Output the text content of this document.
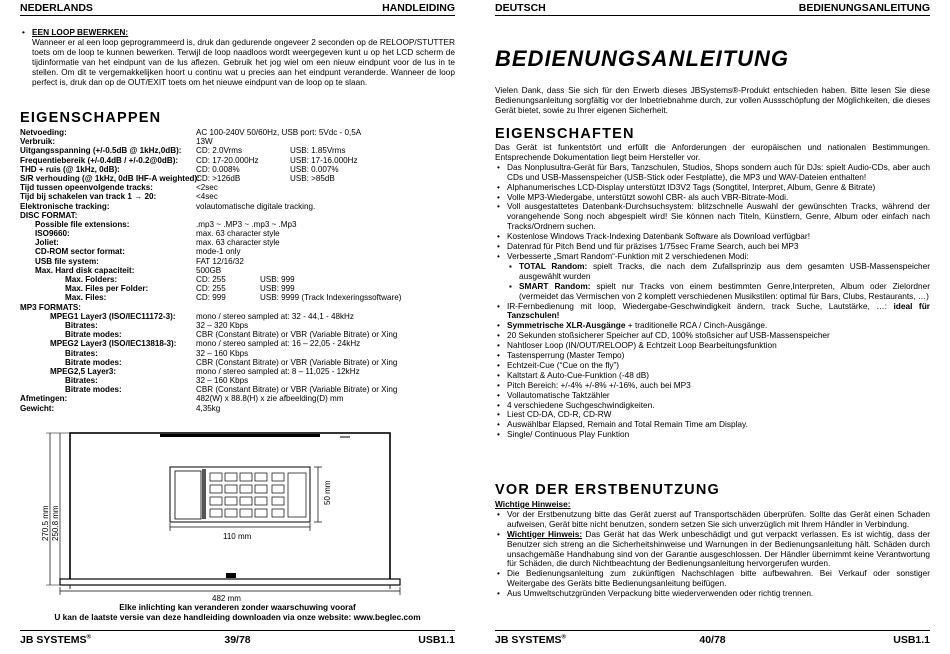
NEDERLANDS	HANDLEIDING
• EEN LOOP BEWERKEN:
Wanneer er al een loop geprogrammeerd is, druk dan gedurende ongeveer 2 seconden op de RELOOP/STUTTER toets om de loop te kunnen bewerken. Terwijl de loop naadloos wordt weergegeven kunt u op het LCD scherm de tijdinformatie van het eindpunt van de lus aflezen. Gebruik het jog wiel om een nieuw eindpunt voor de lus in te stellen. Om dit te vergemakkelijken hoort u continu wat u precies aan het eindpunt veranderde. Wanneer de loop perfect is, druk dan op de OUT/EXIT toets om het nieuwe eindpunt van de loop op te slaan.
EIGENSCHAPPEN
Netvoeding:	AC 100-240V 50/60Hz, USB port: 5Vdc - 0,5A
Verbruik:	13W
Uitgangsspanning (+/-0.5dB @ 1kHz,0dB): CD: 2.0Vrms	USB: 1.85Vrms
Frequentiebereik (+/-0.4dB / +/-0.2@0dB): CD: 17-20.000Hz	USB: 17-16.000Hz
THD + ruis (@ 1kHz, 0dB):	CD: 0.008%	USB: 0.007%
S/R verhouding (@ 1kHz, 0dB IHF-A weighted):
CD: >126dB	USB: >85dB
Tijd tussen opeenvolgende tracks:	<2sec
Tijd bij schakelen van track 1 → 20:	<4sec
Elektronische tracking:	volautomatische digitale tracking.
DISC FORMAT:
Possible file extensions:	.mp3 ~ .MP3 ~ .mp3 ~ .Mp3
ISO9660:	max. 63 character style
Joliet:	max. 63 character style
CD-ROM sector format:	mode-1 only
USB file system:	FAT 12/16/32
Max. Hard disk capaciteit:	500GB
Max. Folders:	CD: 255	USB: 999
Max. Files per Folder:	CD: 255	USB: 999
Max. Files:	CD: 999	USB: 9999 (Track Indexeringssoftware)
MP3 FORMATS:
MPEG1 Layer3 (ISO/IEC11172-3):	mono / stereo sampled at: 32 - 44,1 - 48kHz
Bitrates:	32 – 320 Kbps
Bitrate modes:	CBR (Constant Bitrate) or VBR (Variable Bitrate) or Xing
MPEG2 Layer3 (ISO/IEC13818-3): mono / stereo sampled at: 16 – 22,05 - 24kHz
Bitrates:	32 – 160 Kbps
Bitrate modes:	CBR (Constant Bitrate) or VBR (Variable Bitrate) or Xing
MPEG2,5 Layer3:	mono / stereo sampled at: 8 – 11,025 - 12kHz
Bitrates:	32 – 160 Kbps
Bitrate modes:	CBR (Constant Bitrate) or VBR (Variable Bitrate) or Xing
Afmetingen:	482(W) x 88.8(H) x zie afbeelding(D) mm
Gewicht:	4,35kg
50 mm
110 mm
270.5 mm 250.8 mm
482 mm
Elke inlichting kan veranderen zonder waarschuwing vooraf
U kan de laatste versie van deze handleiding downloaden via onze website: www.beglec.com
JB SYSTEMS®	39/78	USB1.1
DEUTSCH	BEDIENUNGSANLEITUNG
BEDIENUNGSANLEITUNG
Vielen Dank, dass Sie sich für den Erwerb dieses JBSystems®-Produkt entschieden haben. Bitte lesen Sie diese Bedienungsanleitung sorgfältig vor der Inbetriebnahme durch, zur vollen Aussschöpfung der Möglichkeiten, die dieses Gerät bietet, sowie zu Ihrer eigenen Sicherheit.
EIGENSCHAFTEN
Das Gerät ist funkentstört und erfüllt die Anforderungen der europäischen und nationalen Bestimmungen. Entsprechende Dokumentation liegt beim Hersteller vor.
• Das Nonplusultra-Gerät für Bars, Tanzschulen, Studios, Shops sondern auch für DJs: spielt Audio-CDs, aber auch CDs und USB-Massenspeicher (USB-Stick oder Festplatte), die MP3 und WAV-Dateien enthalten!
• Alphanumerisches LCD-Display unterstützt ID3V2 Tags (Songtitel, Interpret, Album, Genre & Bitrate)
• Volle MP3-Wiedergabe, unterstützt sowohl CBR- als auch VBR-Bitrate-Modi.
• Voll ausgestattetes Datenbank-Durchsuchsystem: blitzschnelle Auswahl der gewünschten Tracks, während der vorangehende Song noch abgespielt wird! Sie können nach Titeln, Künstlern, Genre, Album oder einfach nach Tracks/Ordnern suchen.
• Kostenlose Windows Track-Indexing Datenbank Software als Download verfügbar!
• Datenrad für Pitch Bend und für präzises 1/75sec Frame Search, auch bei MP3
• Verbesserte „Smart Random“-Funktion mit 2 verschiedenen Modi:
▪ TOTAL Random: spielt Tracks, die nach dem Zufallsprinzip aus dem gesamten USB-Massenspeicher ausgewählt wurden
▪ SMART Random: spielt nur Tracks von einem bestimmten Genre,Interpreten, Album oder Zielordner (vermeidet das Vermischen von 2 komplett verschiedenen Musikstilen: optimal für Bars, Clubs, Restaurants, …)
• IR-Fernbedienung mit loop, Wiedergabe-Geschwindigkeit ändern, track Suche, Lautstärke, …: ideal für Tanzschulen!
• Symmetrische XLR-Ausgänge + traditionelle RCA / Cinch-Ausgänge.
• 20 Sekunden stoßsicherer Speicher auf CD, 100% stoßsicher auf USB-Massenspeicher
• Nahtloser Loop (IN/OUT/RELOOP) & Echtzeit Loop Bearbeitungsfunktion
• Tastensperrung (Master Tempo)
• Echtzeit-Cue (“Cue on the fly”)
• Kaltstart & Auto-Cue-Funktion (-48 dB)
• Pitch Bereich: +/-4% +/-8% +/-16%, auch bei MP3
• Vollautomatische Taktzähler
• 4 verschiedene Suchgeschwindigkeiten.
• Liest CD-DA, CD-R, CD-RW
• Auswählbar Elapsed, Remain and Total Remain Time am Display.
• Single/ Continuous Play Funktion
VOR DER ERSTBENUTZUNG
Wichtige Hinweise:
• Vor der Erstbenutzung bitte das Gerät zuerst auf Transportschäden überprüfen. Sollte das Gerät einen Schaden aufweisen, Gerät bitte nicht benutzen, sondern setzen Sie sich unverzüglich mit Ihrem Händler in Verbindung.
• Wichtiger Hinweis: Das Gerät hat das Werk unbeschädigt und gut verpackt verlassen. Es ist wichtig, dass der Benutzer sich streng an die Sicherheitshinweise und Warnungen in der Bedienungsanleitung hält. Schäden durch unsachgemäße Handhabung sind von der Garantie ausgeschlossen. Der Händler übernimmt keine Verantwortung für Schäden, die durch Nichtbeachtung der Bedienungsanleitung hervorgerufen wurden.
• Die Bedienungsanleitung zum zukünftigen Nachschlagen bitte aufbewahren. Bei Verkauf oder sonstiger Weitergabe des Geräts bitte Bedienungsanleitung beifügen.
• Aus Umweltschutzgründen Verpackung bitte wiederverwenden oder richtig trennen.
JB SYSTEMS®	40/78	USB1.1
